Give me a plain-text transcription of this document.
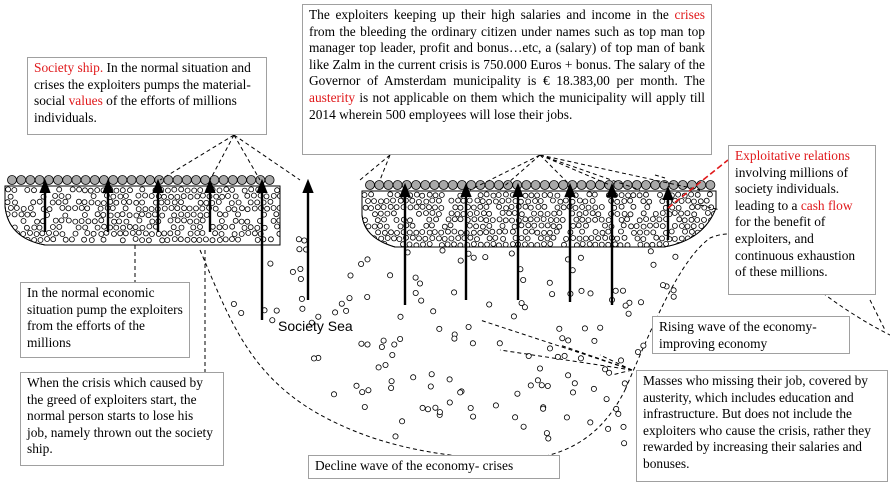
Society ship. In the normal situation and crises the exploiters pumps the material-social values of the efforts of millions individuals.
The exploiters keeping up their high salaries and income in the crises from the bleeding the ordinary citizen under names such as top man top manager top leader, profit and bonus…etc, a (salary) of top man of bank like Zalm in the current crisis is 750.000 Euros + bonus. The salary of the Governor of Amsterdam municipality is € 18.383,00 per month. The austerity is not applicable on them which the municipality will apply till 2014 wherein 500 employees will lose their jobs.
Exploitative relations involving millions of society individuals. leading to a cash flow for the benefit of exploiters, and continuous exhaustion of these millions.
In the normal economic situation pump the exploiters from the efforts of the millions
When the crisis which caused by the greed of exploiters start, the normal person starts to lose his job, namely thrown out the society ship.
Rising wave of the economy- improving economy
Masses who missing their job, covered by austerity, which includes education and infrastructure. But does not include the exploiters who cause the crisis, rather they rewarded by increasing their salaries and bonuses.
Decline wave of the economy- crises
Society Sea
